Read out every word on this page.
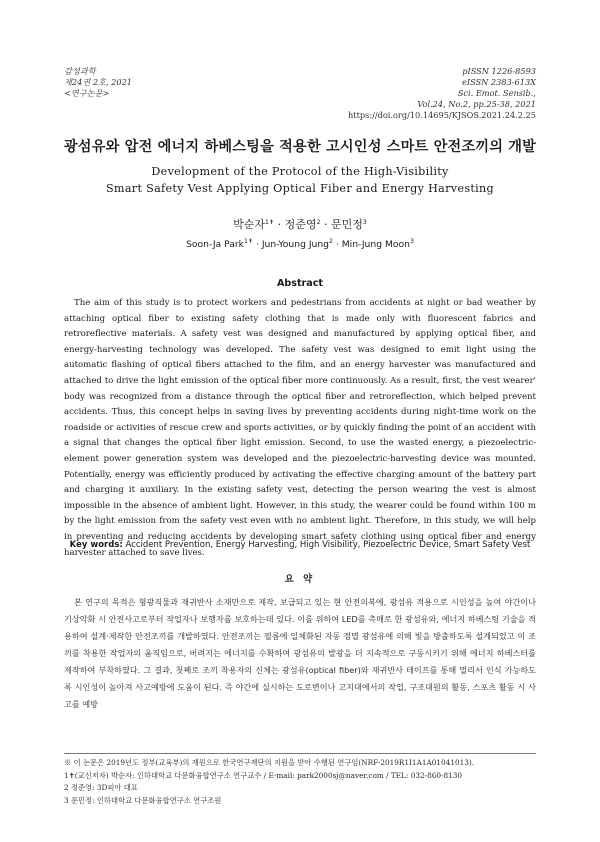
감성과학
제24권 2호, 2021
<연구논문>
pISSN 1226-8593
eISSN 2383-613X
Sci. Emot. Sensib.,
Vol.24, No.2, pp.25-38, 2021
https://doi.org/10.14695/KJSOS.2021.24.2.25
광섬유와 압전 에너지 하베스팅을 적용한 고시인성 스마트 안전조끼의 개발
Development of the Protocol of the High-Visibility
Smart Safety Vest Applying Optical Fiber and Energy Harvesting
박순자$^{1✝}$ · 정준영$^2$ · 문민정$^3$
Soon-Ja Park$^{1✝}$ · Jun-Young Jung$^2$ · Min-Jung Moon$^3$
Abstract

The aim of this study is to protect workers and pedestrians from accidents at night or bad weather by attaching optical fiber to existing safety clothing that is made only with fluorescent fabrics and retroreflective materials. A safety vest was designed and manufactured by applying optical fiber, and energy-harvesting technology was developed. The safety vest was designed to emit light using the automatic flashing of optical fibers attached to the film, and an energy harvester was manufactured and attached to drive the light emission of the optical fiber more continuously. As a result, first, the vest wearer' body was recognized from a distance through the optical fiber and retroreflection, which helped prevent accidents. Thus, this concept helps in saving lives by preventing accidents during night-time work on the roadside or activities of rescue crew and sports activities, or by quickly finding the point of an accident with a signal that changes the optical fiber light emission. Second, to use the wasted energy, a piezoelectric-element power generation system was developed and the piezoelectric-harvesting device was mounted. Potentially, energy was efficiently produced by activating the effective charging amount of the battery part and charging it auxiliary. In the existing safety vest, detecting the person wearing the vest is almost impossible in the absence of ambient light. However, in this study, the wearer could be found within 100 m by the light emission from the safety vest even with no ambient light. Therefore, in this study, we will help in preventing and reducing accidents by developing smart safety clothing using optical fiber and energy harvester attached to save lives.

Key words: Accident Prevention, Energy Harvesting, High Visibility, Piezoelectric Device, Smart Safety Vest
요 약

본 연구의 목적은 형광직물과 재귀반사 소재만으로 제작, 보급되고 있는 현 안전의복에, 광섬유 적용으로 시인성을 높여 야간이나 기상악화 시 안전사고로부터 작업자나 보행자를 보호하는데 있다. 이를 위하여 LED를 촉매로 한 광섬유와, 에너지 하베스팅 기술을 적용하여 설계·제작한 안전조끼를 개발하였다. 안전조끼는 필름에 일체화된 자동 점멸 광섬유에 의해 빛을 방출하도록 설계되었고 이 조끼를 착용한 작업자의 움직임으로, 버려지는 에너지를 수확하여 광섬유의 발광을 더 지속적으로 구동시키기 위해 에너지 하베스터를 제작하여 부착하였다. 그 결과, 첫째로 조끼 착용자의 신체는 광섬유(optical fiber)와 재귀반사 테이프를 통해 멀리서 인식 가능하도록 시인성이 높아져 사고예방에 도움이 된다. 즉 야간에 실시하는 도로변이나 고지대에서의 작업, 구조대원의 활동, 스포츠 활동 시 사고를 예방

※ 이 논문은 2019년도 정부(교육부)의 재원으로 한국연구재단의 지원을 받아 수행된 연구임(NRF-2019R1I1A1A01041013).
1✝(교신저자) 박순자: 인하대학교 다문화융합연구소 연구교수 / E-mail: park2000sj@naver.com / TEL: 032-860-8130
2 정준영: 3D피아 대표
3 문민정: 인하대학교 다문화융합연구소 연구조원
